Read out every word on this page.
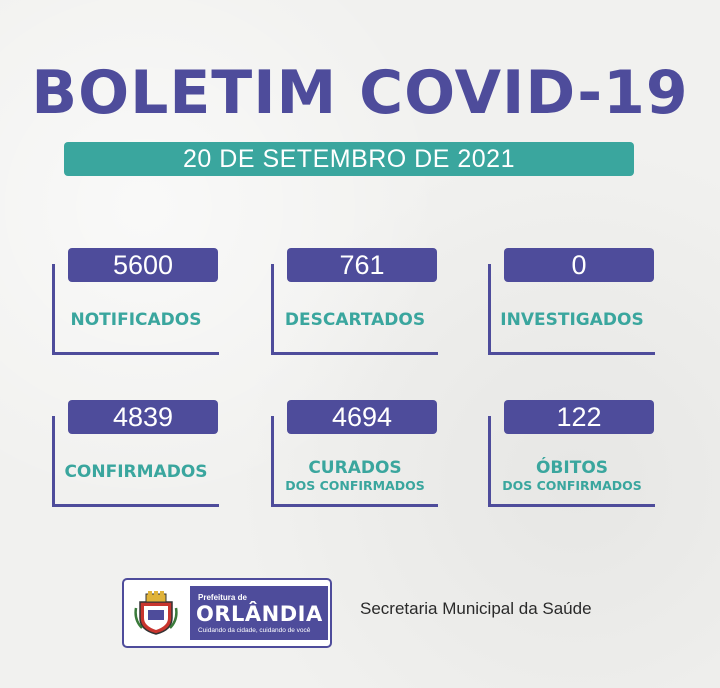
BOLETIM COVID-19
20 DE SETEMBRO DE 2021
5600
NOTIFICADOS
761
DESCARTADOS
0
INVESTIGADOS
4839
CONFIRMADOS
4694
CURADOS
DOS CONFIRMADOS
122
ÓBITOS
DOS CONFIRMADOS
Prefeitura de
ORLÂNDIA
Cuidando da cidade, cuidando de você
Secretaria Municipal da Saúde
